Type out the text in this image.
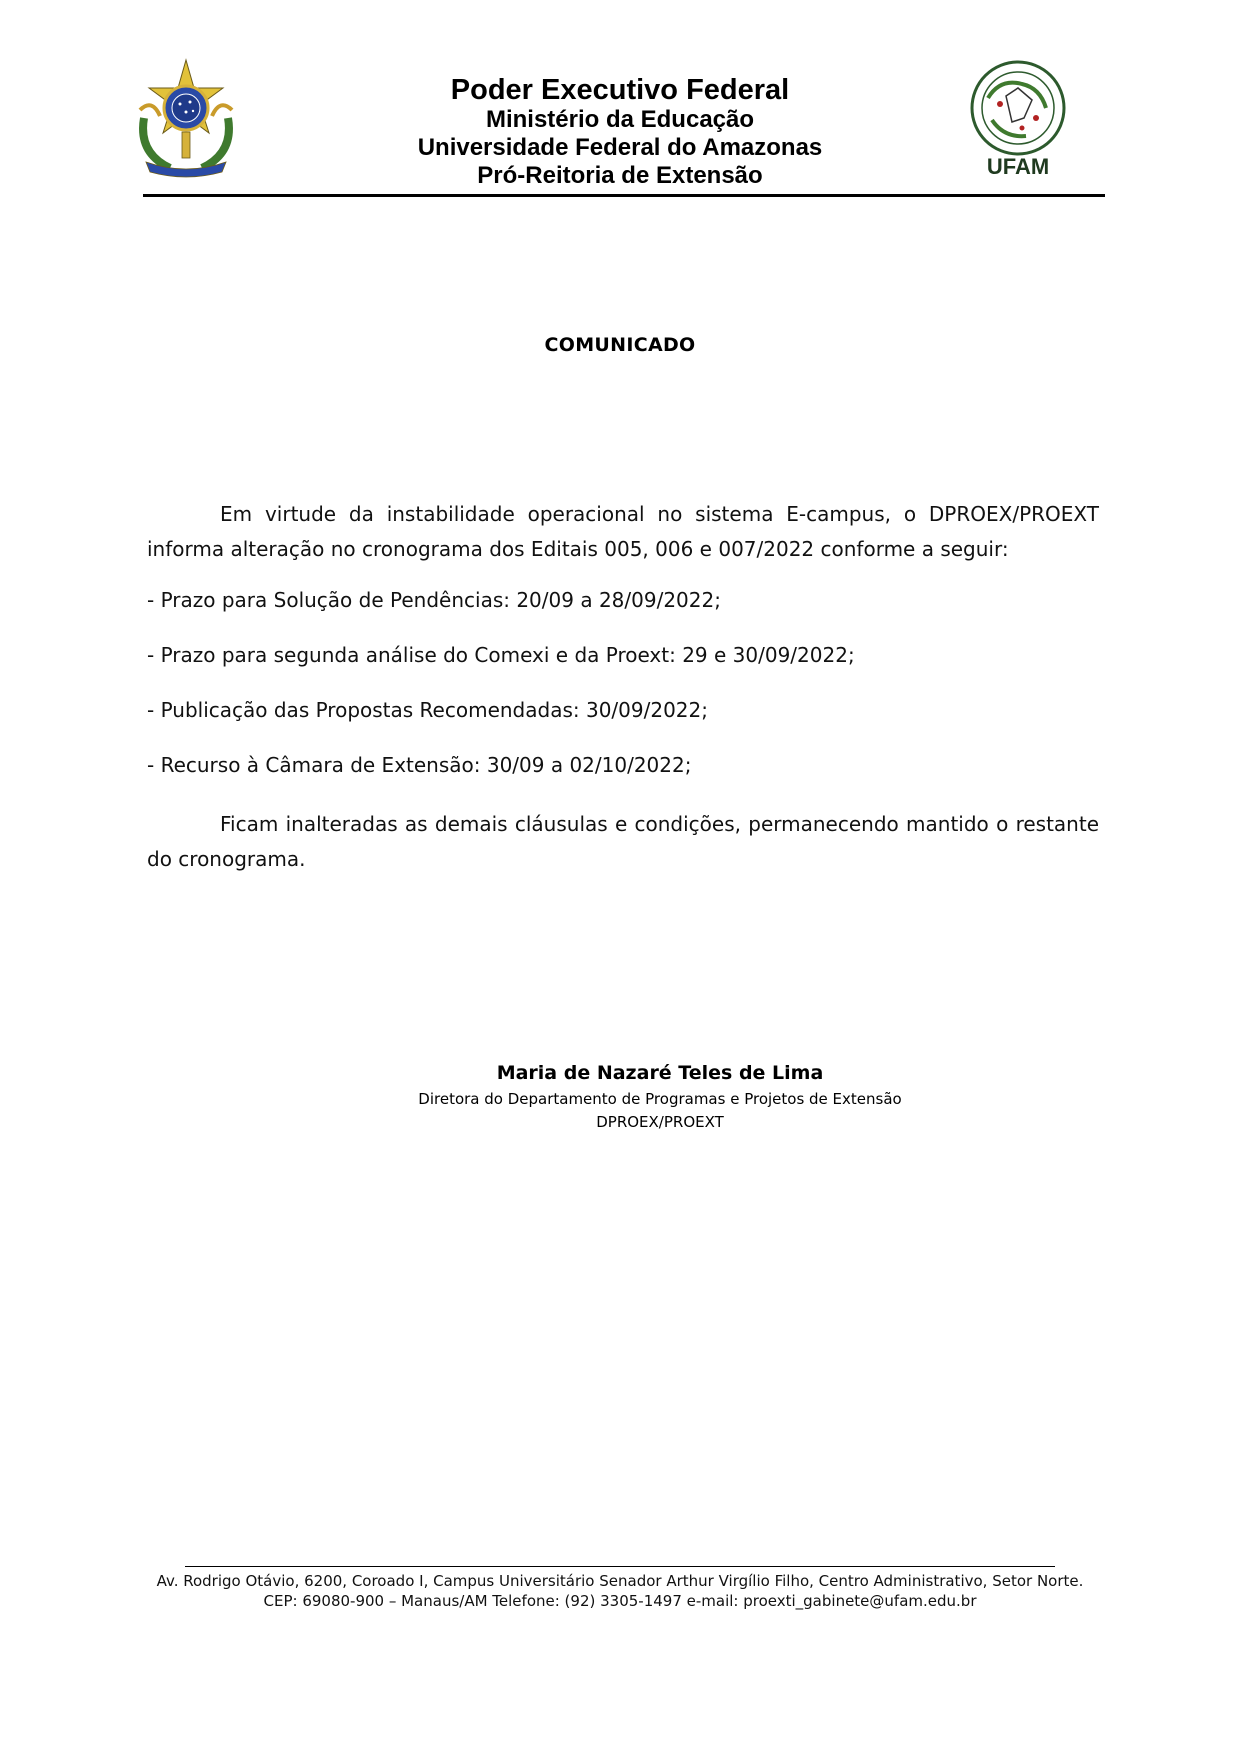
Poder Executivo Federal
Ministério da Educação
Universidade Federal do Amazonas
Pró-Reitoria de Extensão	UFAM
COMUNICADO

Em virtude da instabilidade operacional no sistema E-campus, o DPROEX/PROEXT informa alteração no cronograma dos Editais 005, 006 e 007/2022 conforme a seguir:

- Prazo para Solução de Pendências: 20/09 a 28/09/2022;

- Prazo para segunda análise do Comexi e da Proext: 29 e 30/09/2022;

- Publicação das Propostas Recomendadas: 30/09/2022;

- Recurso à Câmara de Extensão: 30/09 a 02/10/2022;

Ficam inalteradas as demais cláusulas e condições, permanecendo mantido o restante do cronograma.

Maria de Nazaré Teles de Lima
Diretora do Departamento de Programas e Projetos de Extensão
DPROEX/PROEXT
Av. Rodrigo Otávio, 6200, Coroado I, Campus Universitário Senador Arthur Virgílio Filho, Centro Administrativo, Setor Norte.
CEP: 69080-900 – Manaus/AM Telefone: (92) 3305-1497 e-mail: proexti_gabinete@ufam.edu.br
